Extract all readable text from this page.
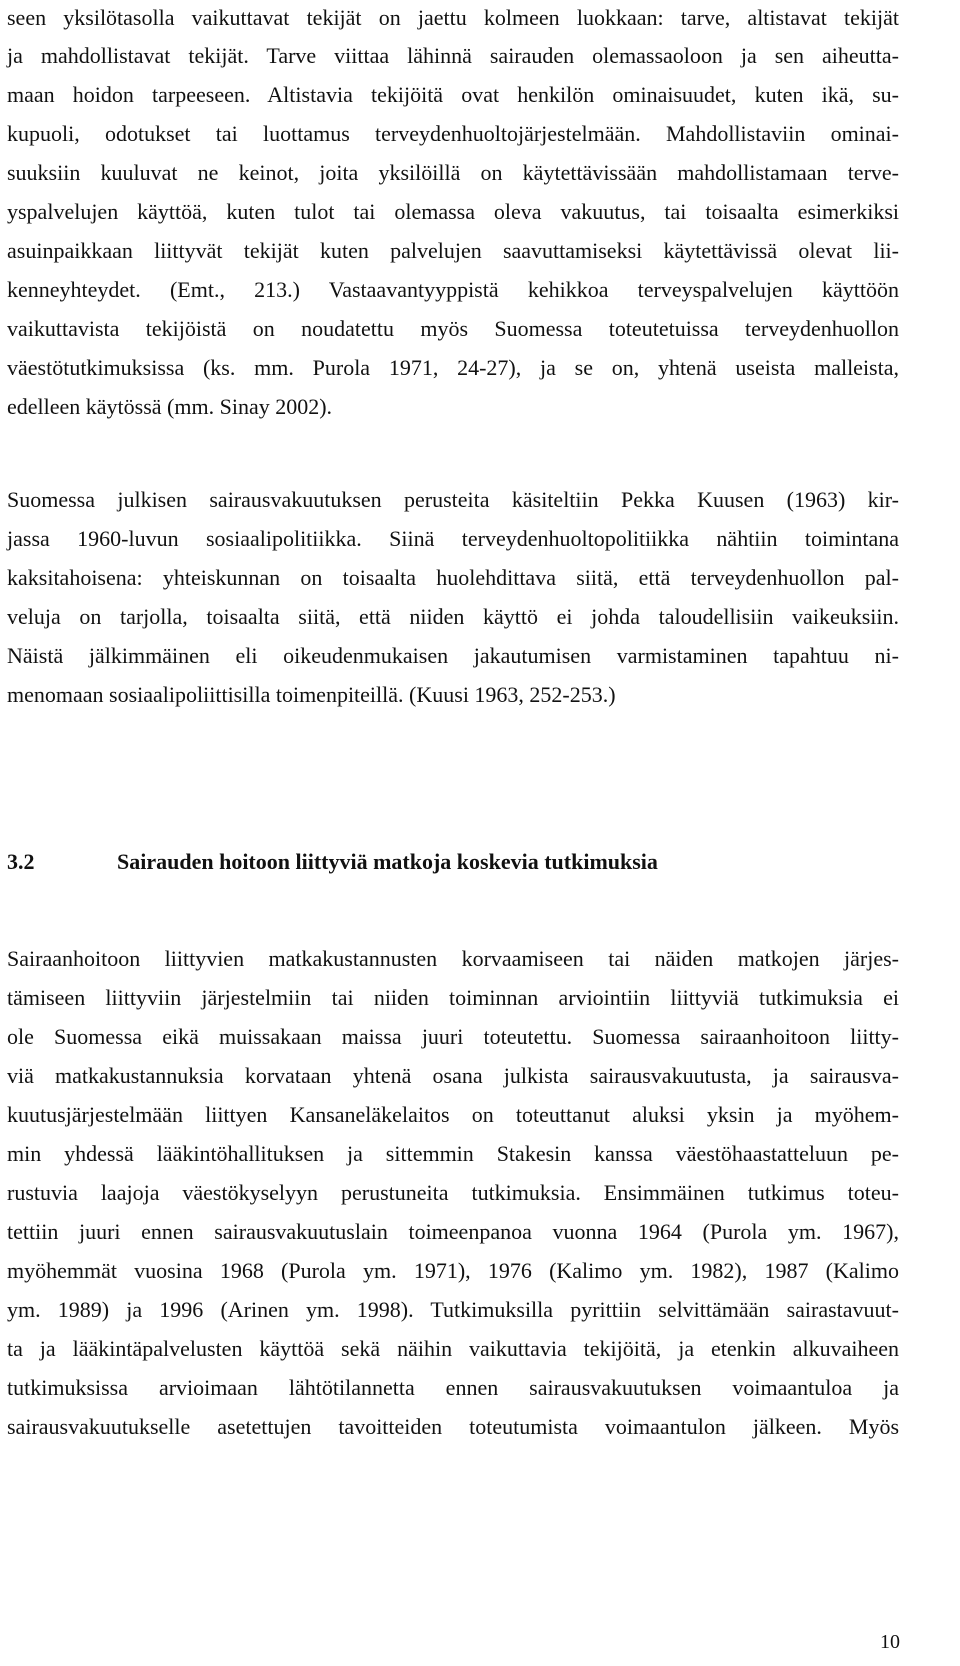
seen yksilötasolla vaikuttavat tekijät on jaettu kolmeen luokkaan: tarve, altistavat tekijät

ja mahdollistavat tekijät. Tarve viittaa lähinnä sairauden olemassaoloon ja sen aiheutta-

maan hoidon tarpeeseen. Altistavia tekijöitä ovat henkilön ominaisuudet, kuten ikä, su-

kupuoli, odotukset tai luottamus terveydenhuoltojärjestelmään. Mahdollistaviin ominai-

suuksiin kuuluvat ne keinot, joita yksilöillä on käytettävissään mahdollistamaan terve-

yspalvelujen käyttöä, kuten tulot tai olemassa oleva vakuutus, tai toisaalta esimerkiksi

asuinpaikkaan liittyvät tekijät kuten palvelujen saavuttamiseksi käytettävissä olevat lii-

kenneyhteydet. (Emt., 213.) Vastaavantyyppistä kehikkoa terveyspalvelujen käyttöön

vaikuttavista tekijöistä on noudatettu myös Suomessa toteutetuissa terveydenhuollon

väestötutkimuksissa (ks. mm. Purola 1971, 24-27), ja se on, yhtenä useista malleista,

edelleen käytössä (mm. Sinay 2002).

Suomessa julkisen sairausvakuutuksen perusteita käsiteltiin Pekka Kuusen (1963) kir-

jassa 1960-luvun sosiaalipolitiikka. Siinä terveydenhuoltopolitiikka nähtiin toimintana

kaksitahoisena: yhteiskunnan on toisaalta huolehdittava siitä, että terveydenhuollon pal-

veluja on tarjolla, toisaalta siitä, että niiden käyttö ei johda taloudellisiin vaikeuksiin.

Näistä jälkimmäinen eli oikeudenmukaisen jakautumisen varmistaminen tapahtuu ni-

menomaan sosiaalipoliittisilla toimenpiteillä. (Kuusi 1963, 252-253.)

3.2	Sairauden hoitoon liittyviä matkoja koskevia tutkimuksia

Sairaanhoitoon liittyvien matkakustannusten korvaamiseen tai näiden matkojen järjes-

tämiseen liittyviin järjestelmiin tai niiden toiminnan arviointiin liittyviä tutkimuksia ei

ole Suomessa eikä muissakaan maissa juuri toteutettu. Suomessa sairaanhoitoon liitty-

viä matkakustannuksia korvataan yhtenä osana julkista sairausvakuutusta, ja sairausva-

kuutusjärjestelmään liittyen Kansaneläkelaitos on toteuttanut aluksi yksin ja myöhem-

min yhdessä lääkintöhallituksen ja sittemmin Stakesin kanssa väestöhaastatteluun pe-

rustuvia laajoja väestökyselyyn perustuneita tutkimuksia. Ensimmäinen tutkimus toteu-

tettiin juuri ennen sairausvakuutuslain toimeenpanoa vuonna 1964 (Purola ym. 1967),

myöhemmät vuosina 1968 (Purola ym. 1971), 1976 (Kalimo ym. 1982), 1987 (Kalimo

ym. 1989) ja 1996 (Arinen ym. 1998). Tutkimuksilla pyrittiin selvittämään sairastavuut-

ta ja lääkintäpalvelusten käyttöä sekä näihin vaikuttavia tekijöitä, ja etenkin alkuvaiheen

tutkimuksissa arvioimaan lähtötilannetta ennen sairausvakuutuksen voimaantuloa ja

sairausvakuutukselle asetettujen tavoitteiden toteutumista voimaantulon jälkeen. Myös

10
